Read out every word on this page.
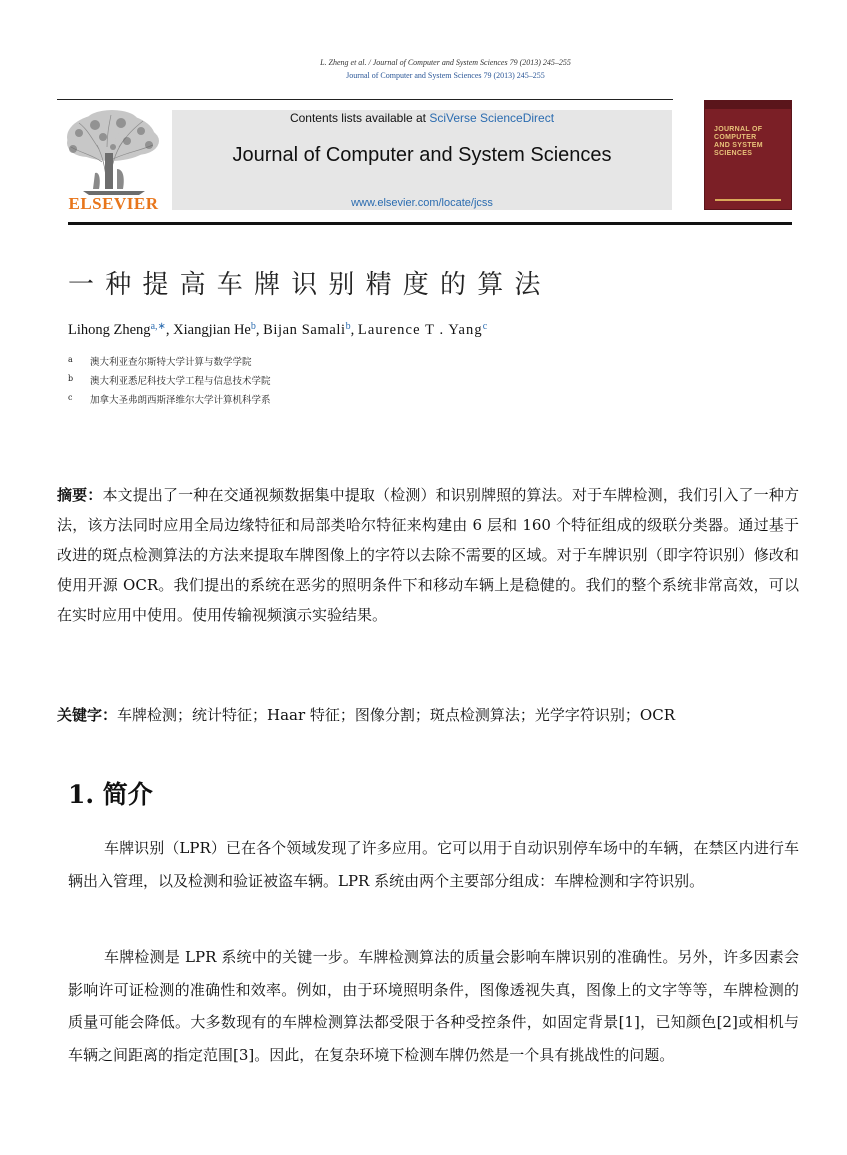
L. Zheng et al. / Journal of Computer and System Sciences 79 (2013) 245–255
Journal of Computer and System Sciences 79 (2013) 245–255
ELSEVIER
Contents lists available at SciVerse ScienceDirect
Journal of Computer and System Sciences
www.elsevier.com/locate/jcss
JOURNAL OF
COMPUTER
AND SYSTEM
SCIENCES
一种提高车牌识别精度的算法
Lihong Zheng$^{a,∗}$, Xiangjian He$^b$, Bijan Samali$^b$, Laurence T . Yang$^c$
a 澳大利亚查尔斯特大学计算与数学学院
b 澳大利亚悉尼科技大学工程与信息技术学院
c 加拿大圣弗朗西斯泽维尔大学计算机科学系
摘要：本文提出了一种在交通视频数据集中提取（检测）和识别牌照的算法。对于车牌检测，我们引入了一种方法，该方法同时应用全局边缘特征和局部类哈尔特征来构建由 6 层和 160 个特征组成的级联分类器。通过基于改进的斑点检测算法的方法来提取车牌图像上的字符以去除不需要的区域。对于车牌识别（即字符识别）修改和使用开源 OCR。我们提出的系统在恶劣的照明条件下和移动车辆上是稳健的。我们的整个系统非常高效，可以在实时应用中使用。使用传输视频演示实验结果。
关键字：车牌检测；统计特征；Haar 特征；图像分割；斑点检测算法；光学字符识别；OCR
1. 简介
车牌识别（LPR）已在各个领域发现了许多应用。它可以用于自动识别停车场中的车辆，在禁区内进行车辆出入管理，以及检测和验证被盗车辆。LPR 系统由两个主要部分组成：车牌检测和字符识别。
车牌检测是 LPR 系统中的关键一步。车牌检测算法的质量会影响车牌识别的准确性。另外，许多因素会影响许可证检测的准确性和效率。例如，由于环境照明条件，图像透视失真，图像上的文字等等，车牌检测的质量可能会降低。大多数现有的车牌检测算法都受限于各种受控条件，如固定背景[1]，已知颜色[2]或相机与车辆之间距离的指定范围[3]。因此，在复杂环境下检测车牌仍然是一个具有挑战性的问题。
